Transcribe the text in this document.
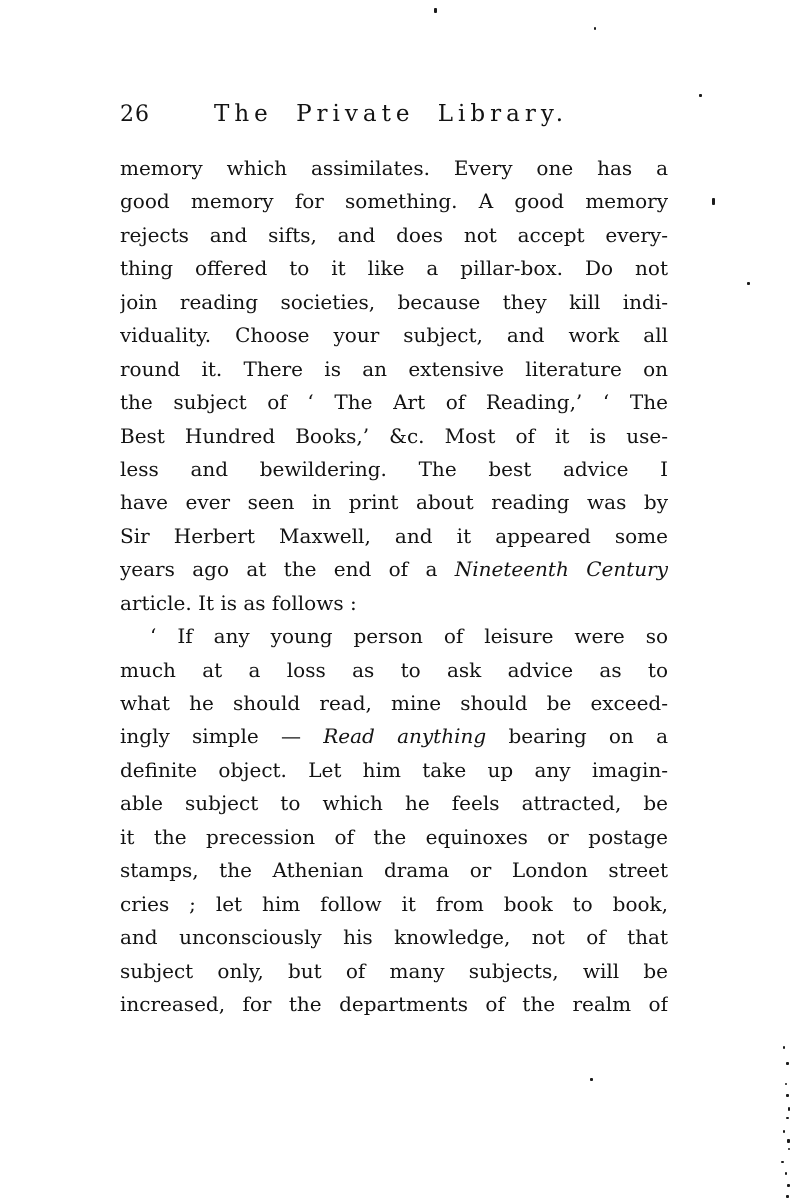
26	The Private Library.
memory which assimilates. Every one has a
good memory for something. A good memory
rejects and sifts, and does not accept every-
thing offered to it like a pillar-box. Do not
join reading societies, because they kill indi-
viduality. Choose your subject, and work all
round it. There is an extensive literature on
the subject of ‘ The Art of Reading,’ ‘ The
Best Hundred Books,’ &c. Most of it is use-
less and bewildering. The best advice I
have ever seen in print about reading was by
Sir Herbert Maxwell, and it appeared some
years ago at the end of a Nineteenth Century
article. It is as follows :
‘ If any young person of leisure were so
much at a loss as to ask advice as to
what he should read, mine should be exceed-
ingly simple — Read anything bearing on a
definite object. Let him take up any imagin-
able subject to which he feels attracted, be
it the precession of the equinoxes or postage
stamps, the Athenian drama or London street
cries ; let him follow it from book to book,
and unconsciously his knowledge, not of that
subject only, but of many subjects, will be
increased, for the departments of the realm of
